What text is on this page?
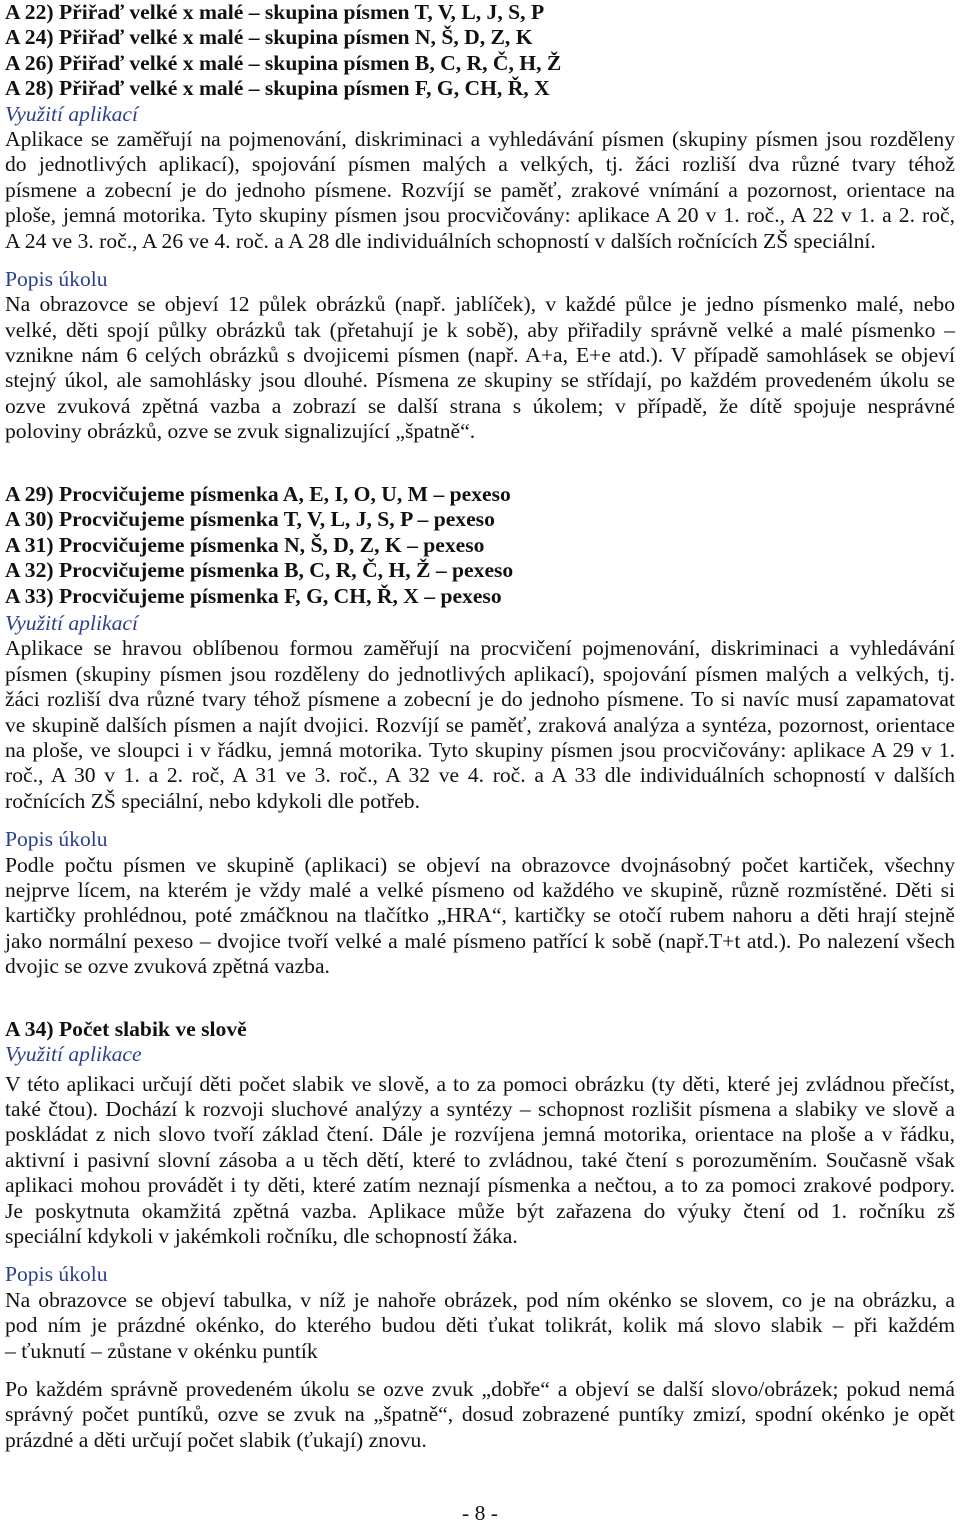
A 22) Přiřaď velké x malé – skupina písmen T, V, L, J, S, P
A 24) Přiřaď velké x malé – skupina písmen N, Š, D, Z, K
A 26) Přiřaď velké x malé – skupina písmen B, C, R, Č, H, Ž
A 28) Přiřaď velké x malé – skupina písmen F, G, CH, Ř, X
Využití aplikací
Aplikace se zaměřují na pojmenování, diskriminaci a vyhledávání písmen (skupiny písmen jsou rozděleny
do jednotlivých aplikací), spojování písmen malých a velkých, tj. žáci rozliší dva různé tvary téhož
písmene a zobecní je do jednoho písmene. Rozvíjí se paměť, zrakové vnímání a pozornost, orientace na
ploše, jemná motorika. Tyto skupiny písmen jsou procvičovány: aplikace A 20 v 1. roč., A 22 v 1. a 2. roč,
A 24 ve 3. roč., A 26 ve 4. roč. a A 28 dle individuálních schopností v dalších ročnících ZŠ speciální.
Popis úkolu
Na obrazovce se objeví 12 půlek obrázků (např. jablíček), v každé půlce je jedno písmenko malé, nebo
velké, děti spojí půlky obrázků tak (přetahují je k sobě), aby přiřadily správně velké a malé písmenko –
vznikne nám 6 celých obrázků s dvojicemi písmen (např. A+a, E+e atd.). V případě samohlásek se objeví
stejný úkol, ale samohlásky jsou dlouhé. Písmena ze skupiny se střídají, po každém provedeném úkolu se
ozve zvuková zpětná vazba a zobrazí se další strana s úkolem; v případě, že dítě spojuje nesprávné
poloviny obrázků, ozve se zvuk signalizující „špatně“.
A 29) Procvičujeme písmenka A, E, I, O, U, M – pexeso
A 30) Procvičujeme písmenka T, V, L, J, S, P – pexeso
A 31) Procvičujeme písmenka N, Š, D, Z, K – pexeso
A 32) Procvičujeme písmenka B, C, R, Č, H, Ž – pexeso
A 33) Procvičujeme písmenka F, G, CH, Ř, X – pexeso
Využití aplikací
Aplikace se hravou oblíbenou formou zaměřují na procvičení pojmenování, diskriminaci a vyhledávání
písmen (skupiny písmen jsou rozděleny do jednotlivých aplikací), spojování písmen malých a velkých, tj.
žáci rozliší dva různé tvary téhož písmene a zobecní je do jednoho písmene. To si navíc musí zapamatovat
ve skupině dalších písmen a najít dvojici. Rozvíjí se paměť, zraková analýza a syntéza, pozornost, orientace
na ploše, ve sloupci i v řádku, jemná motorika. Tyto skupiny písmen jsou procvičovány: aplikace A 29 v 1.
roč., A 30 v 1. a 2. roč, A 31 ve 3. roč., A 32 ve 4. roč. a A 33 dle individuálních schopností v dalších
ročnících ZŠ speciální, nebo kdykoli dle potřeb.
Popis úkolu
Podle počtu písmen ve skupině (aplikaci) se objeví na obrazovce dvojnásobný počet kartiček, všechny
nejprve lícem, na kterém je vždy malé a velké písmeno od každého ve skupině, různě rozmístěné. Děti si
kartičky prohlédnou, poté zmáčknou na tlačítko „HRA“, kartičky se otočí rubem nahoru a děti hrají stejně
jako normální pexeso – dvojice tvoří velké a malé písmeno patřící k sobě (např.T+t atd.). Po nalezení všech
dvojic se ozve zvuková zpětná vazba.
A 34) Počet slabik ve slově
Využití aplikace
V této aplikaci určují děti počet slabik ve slově, a to za pomoci obrázku (ty děti, které jej zvládnou přečíst,
také čtou). Dochází k rozvoji sluchové analýzy a syntézy – schopnost rozlišit písmena a slabiky ve slově a
poskládat z nich slovo tvoří základ čtení. Dále je rozvíjena jemná motorika, orientace na ploše a v řádku,
aktivní i pasivní slovní zásoba a u těch dětí, které to zvládnou, také čtení s porozuměním. Současně však
aplikaci mohou provádět i ty děti, které zatím neznají písmenka a nečtou, a to za pomoci zrakové podpory.
Je poskytnuta okamžitá zpětná vazba. Aplikace může být zařazena do výuky čtení od 1. ročníku zš
speciální kdykoli v jakémkoli ročníku, dle schopností žáka.
Popis úkolu
Na obrazovce se objeví tabulka, v níž je nahoře obrázek, pod ním okénko se slovem, co je na obrázku, a
pod ním je prázdné okénko, do kterého budou děti ťukat tolikrát, kolik má slovo slabik – při každém
– ťuknutí – zůstane v okénku puntík
Po každém správně provedeném úkolu se ozve zvuk „dobře“ a objeví se další slovo/obrázek; pokud nemá
správný počet puntíků, ozve se zvuk na „špatně“, dosud zobrazené puntíky zmizí, spodní okénko je opět
prázdné a děti určují počet slabik (ťukají) znovu.
- 8 -
